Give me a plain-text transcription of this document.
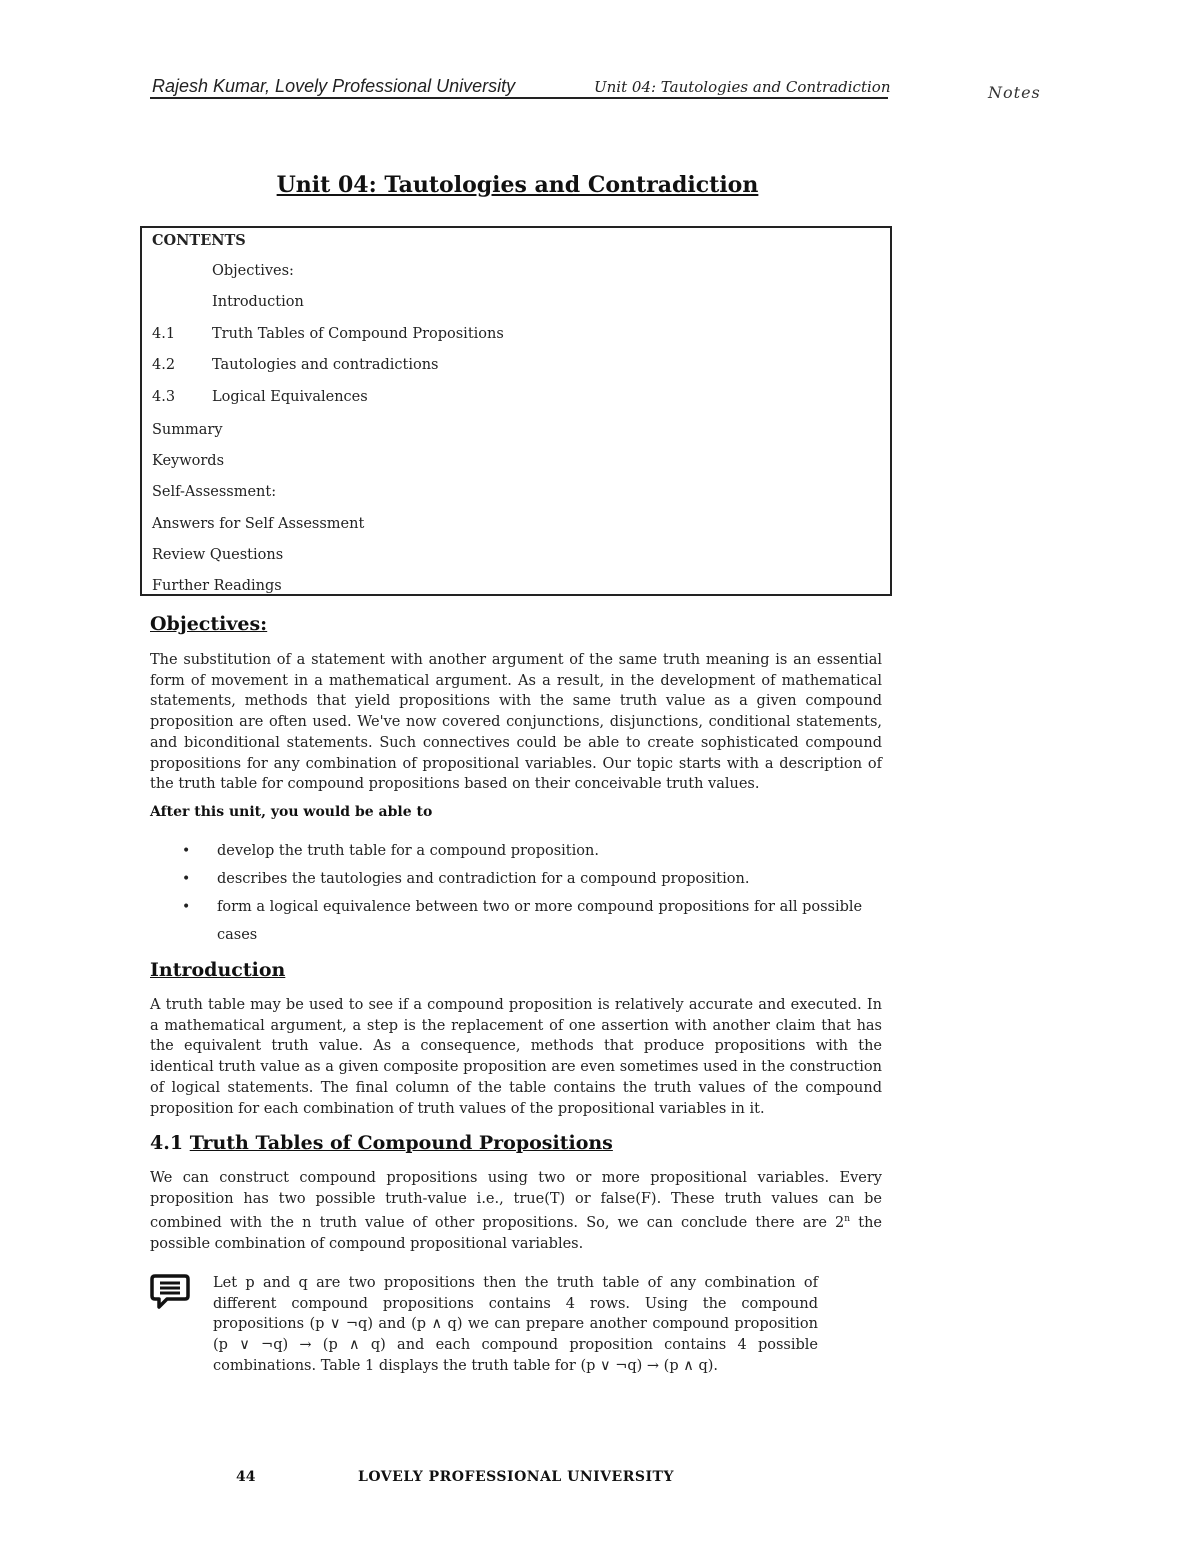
Rajesh Kumar, Lovely Professional University	Unit 04: Tautologies and Contradiction	Notes
Unit 04: Tautologies and Contradiction
CONTENTS
Objectives:
Introduction
4.1	Truth Tables of Compound Propositions
4.2	Tautologies and contradictions
4.3	Logical Equivalences
Summary
Keywords
Self-Assessment:
Answers for Self Assessment
Review Questions
Further Readings
Objectives:
The substitution of a statement with another argument of the same truth meaning is an essential form of movement in a mathematical argument. As a result, in the development of mathematical statements, methods that yield propositions with the same truth value as a given compound proposition are often used. We've now covered conjunctions, disjunctions, conditional statements, and biconditional statements. Such connectives could be able to create sophisticated compound propositions for any combination of propositional variables. Our topic starts with a description of the truth table for compound propositions based on their conceivable truth values.
After this unit, you would be able to
• develop the truth table for a compound proposition.
• describes the tautologies and contradiction for a compound proposition.
• form a logical equivalence between two or more compound propositions for all possible cases
Introduction
A truth table may be used to see if a compound proposition is relatively accurate and executed. In a mathematical argument, a step is the replacement of one assertion with another claim that has the equivalent truth value. As a consequence, methods that produce propositions with the identical truth value as a given composite proposition are even sometimes used in the construction of logical statements. The final column of the table contains the truth values of the compound proposition for each combination of truth values of the propositional variables in it.
4.1 Truth Tables of Compound Propositions
We can construct compound propositions using two or more propositional variables. Every proposition has two possible truth-value i.e., true(T) or false(F). These truth values can be combined with the n truth value of other propositions. So, we can conclude there are 2$^n$ the possible combination of compound propositional variables.
Let p and q are two propositions then the truth table of any combination of different compound propositions contains 4 rows. Using the compound propositions (p ∨ ¬q) and (p ∧ q) we can prepare another compound proposition (p ∨ ¬q) → (p ∧ q) and each compound proposition contains 4 possible combinations. Table 1 displays the truth table for (p ∨ ¬q) → (p ∧ q).
44	LOVELY PROFESSIONAL UNIVERSITY
